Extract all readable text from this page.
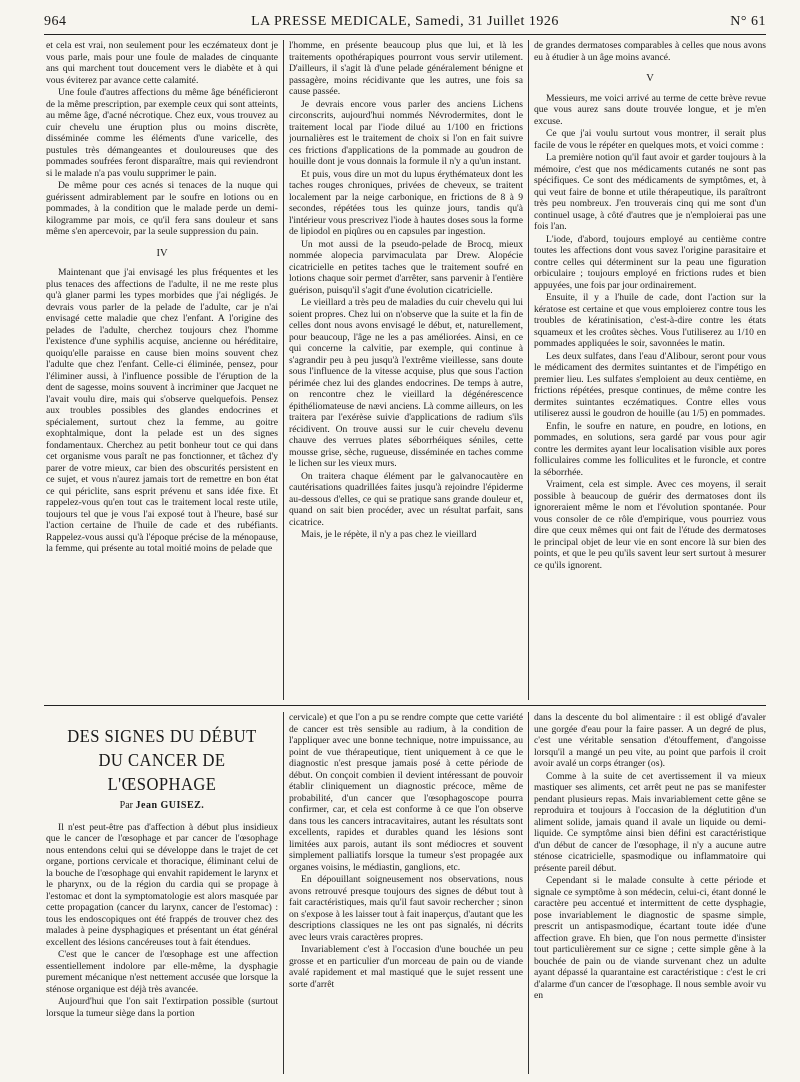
964	LA PRESSE MEDICALE, Samedi, 31 Juillet 1926	N° 61

et cela est vrai, non seulement pour les eczémateux dont je vous parle, mais pour une foule de malades de cinquante ans qui marchent tout doucement vers le diabète et à qui vous éviterez par avance cette calamité.

Une foule d'autres affections du même âge bénéficieront de la même prescription, par exemple ceux qui sont atteints, au même âge, d'acné nécrotique. Chez eux, vous trouvez au cuir chevelu une éruption plus ou moins discrète, disséminée comme les éléments d'une varicelle, des pustules très démangeantes et douloureuses que des pommades soufrées feront disparaître, mais qui reviendront si le malade n'a pas voulu supprimer le pain.

De même pour ces acnés si tenaces de la nuque qui guérissent admirablement par le soufre en lotions ou en pommades, à la condition que le malade perde un demi-kilogramme par mois, ce qu'il fera sans douleur et sans même s'en apercevoir, par la seule suppression du pain.

IV

Maintenant que j'ai envisagé les plus fréquentes et les plus tenaces des affections de l'adulte, il ne me reste plus qu'à glaner parmi les types morbides que j'ai négligés. Je devrais vous parler de la pelade de l'adulte, car je n'ai envisagé cette maladie que chez l'enfant. A l'origine des pelades de l'adulte, cherchez toujours chez l'homme l'existence d'une syphilis acquise, ancienne ou héréditaire, quoiqu'elle paraisse en cause bien moins souvent chez l'adulte que chez l'enfant. Celle-ci éliminée, pensez, pour l'éliminer aussi, à l'influence possible de l'éruption de la dent de sagesse, moins souvent à incriminer que Jacquet ne l'avait voulu dire, mais qui s'observe quelquefois. Pensez aux troubles possibles des glandes endocrines et spécialement, surtout chez la femme, au goitre exophtalmique, dont la pelade est un des signes fondamentaux. Cherchez au petit bonheur tout ce qui dans cet organisme vous paraît ne pas fonctionner, et tâchez d'y parer de votre mieux, car bien des obscurités persistent en ce sujet, et vous n'aurez jamais tort de remettre en bon état ce qui périclite, sans esprit prévenu et sans idée fixe. Et rappelez-vous qu'en tout cas le traitement local reste utile, toujours tel que je vous l'ai exposé tout à l'heure, basé sur l'action certaine de l'huile de cade et des rubéfiants. Rappelez-vous aussi qu'à l'époque précise de la ménopause, la femme, qui présente au total moitié moins de pelade que

l'homme, en présente beaucoup plus que lui, et là les traitements opothérapiques pourront vous servir utilement. D'ailleurs, il s'agit là d'une pelade généralement bénigne et passagère, moins récidivante que les autres, une fois sa cause passée.

Je devrais encore vous parler des anciens Lichens circonscrits, aujourd'hui nommés Névrodermites, dont le traitement local par l'iode dilué au 1/100 en frictions journalières est le traitement de choix si l'on en fait suivre ces frictions d'applications de la pommade au goudron de houille dont je vous donnais la formule il n'y a qu'un instant.

Et puis, vous dire un mot du lupus érythémateux dont les taches rouges chroniques, privées de cheveux, se traitent localement par la neige carbonique, en frictions de 8 à 9 secondes, répétées tous les quinze jours, tandis qu'à l'intérieur vous prescrivez l'iode à hautes doses sous la forme de lipiodol en piqûres ou en capsules par ingestion.

Un mot aussi de la pseudo-pelade de Brocq, mieux nommée alopecia parvimaculata par Drew. Alopécie cicatricielle en petites taches que le traitement soufré en lotions chaque soir permet d'arrêter, sans parvenir à l'entière guérison, puisqu'il s'agit d'une évolution cicatricielle.

Le vieillard a très peu de maladies du cuir chevelu qui lui soient propres. Chez lui on n'observe que la suite et la fin de celles dont nous avons envisagé le début, et, naturellement, pour beaucoup, l'âge ne les a pas améliorées. Ainsi, en ce qui concerne la calvitie, par exemple, qui continue à s'agrandir peu à peu jusqu'à l'extrême vieillesse, sans doute sous l'influence de la vitesse acquise, plus que sous l'action périmée chez lui des glandes endocrines. De temps à autre, on rencontre chez le vieillard la dégénérescence épithéliomateuse de nævi anciens. Là comme ailleurs, on les traitera par l'exérèse suivie d'applications de radium s'ils récidivent. On trouve aussi sur le cuir chevelu devenu chauve des verrues plates séborrhéiques séniles, cette mousse grise, sèche, rugueuse, disséminée en taches comme le lichen sur les vieux murs.

On traitera chaque élément par le galvanocautère en cautérisations quadrillées faites jusqu'à rejoindre l'épiderme au-dessous d'elles, ce qui se pratique sans grande douleur et, quand on sait bien procéder, avec un résultat parfait, sans cicatrice.

Mais, je le répète, il n'y a pas chez le vieillard

de grandes dermatoses comparables à celles que nous avons eu à étudier à un âge moins avancé.

V

Messieurs, me voici arrivé au terme de cette brève revue que vous aurez sans doute trouvée longue, et je m'en excuse.

Ce que j'ai voulu surtout vous montrer, il serait plus facile de vous le répéter en quelques mots, et voici comme :

La première notion qu'il faut avoir et garder toujours à la mémoire, c'est que nos médicaments cutanés ne sont pas spécifiques. Ce sont des médicaments de symptômes, et, à qui veut faire de bonne et utile thérapeutique, ils paraîtront très peu nombreux. J'en trouverais cinq qui me sont d'un continuel usage, à côté d'autres que je n'emploierai pas une fois l'an.

L'iode, d'abord, toujours employé au centième contre toutes les affections dont vous savez l'origine parasitaire et contre celles qui déterminent sur la peau une figuration orbiculaire ; toujours employé en frictions rudes et bien appuyées, une fois par jour ordinairement.

Ensuite, il y a l'huile de cade, dont l'action sur la kératose est certaine et que vous emploierez contre tous les troubles de kératinisation, c'est-à-dire contre les états squameux et les croûtes sèches. Vous l'utiliserez au 1/10 en pommades appliquées le soir, savonnées le matin.

Les deux sulfates, dans l'eau d'Alibour, seront pour vous le médicament des dermites suintantes et de l'impétigo en premier lieu. Les sulfates s'emploient au deux centième, en frictions répétées, presque continues, de même contre les dermites suintantes eczématiques. Contre elles vous utiliserez aussi le goudron de houille (au 1/5) en pommades.

Enfin, le soufre en nature, en poudre, en lotions, en pommades, en solutions, sera gardé par vous pour agir contre les dermites ayant leur localisation visible aux pores folliculaires comme les folliculites et le furoncle, et contre la séborrhée.

Vraiment, cela est simple. Avec ces moyens, il serait possible à beaucoup de guérir des dermatoses dont ils ignoreraient même le nom et l'évolution spontanée. Pour vous consoler de ce rôle d'empirique, vous pourriez vous dire que ceux mêmes qui ont fait de l'étude des dermatoses le principal objet de leur vie en sont encore là sur bien des points, et que le peu qu'ils savent leur sert surtout à mesurer ce qu'ils ignorent.

DES SIGNES DU DÉBUT
DU CANCER DE L'ŒSOPHAGE
Par Jean GUISEZ.

Il n'est peut-être pas d'affection à début plus insidieux que le cancer de l'œsophage et par cancer de l'œsophage nous entendons celui qui se développe dans le trajet de cet organe, portions cervicale et thoracique, éliminant celui de la bouche de l'œsophage qui envahit rapidement le larynx et le pharynx, ou de la région du cardia qui se propage à l'estomac et dont la symptomatologie est alors masquée par cette propagation (cancer du larynx, cancer de l'estomac) : tous les endoscopiques ont été frappés de trouver chez des malades à peine dysphagiques et présentant un état général excellent des lésions cancéreuses tout à fait étendues.

C'est que le cancer de l'œsophage est une affection essentiellement indolore par elle-même, la dysphagie purement mécanique n'est nettement accusée que lorsque la sténose organique est déjà très avancée.

Aujourd'hui que l'on sait l'extirpation possible (surtout lorsque la tumeur siège dans la portion

cervicale) et que l'on a pu se rendre compte que cette variété de cancer est très sensible au radium, à la condition de l'appliquer avec une bonne technique, notre impuissance, au point de vue thérapeutique, tient uniquement à ce que le diagnostic n'est presque jamais posé à cette période de début. On conçoit combien il devient intéressant de pouvoir établir cliniquement un diagnostic précoce, même de probabilité, d'un cancer que l'œsophagoscope pourra confirmer, car, et cela est conforme à ce que l'on observe dans tous les cancers intracavitaires, autant les résultats sont excellents, rapides et durables quand les lésions sont limitées aux parois, autant ils sont médiocres et souvent simplement palliatifs lorsque la tumeur s'est propagée aux organes voisins, le médiastin, ganglions, etc.

En dépouillant soigneusement nos observations, nous avons retrouvé presque toujours des signes de début tout à fait caractéristiques, mais qu'il faut savoir rechercher ; sinon on s'expose à les laisser tout à fait inaperçus, d'autant que les descriptions classiques ne les ont pas signalés, ni décrits avec leurs vrais caractères propres.

Invariablement c'est à l'occasion d'une bouchée un peu grosse et en particulier d'un morceau de pain ou de viande avalé rapidement et mal mastiqué que le sujet ressent une sorte d'arrêt

dans la descente du bol alimentaire : il est obligé d'avaler une gorgée d'eau pour la faire passer. A un degré de plus, c'est une véritable sensation d'étouffement, d'angoisse lorsqu'il a mangé un peu vite, au point que parfois il croit avoir avalé un corps étranger (os).

Comme à la suite de cet avertissement il va mieux mastiquer ses aliments, cet arrêt peut ne pas se manifester pendant plusieurs repas. Mais invariablement cette gêne se reproduira et toujours à l'occasion de la déglutition d'un aliment solide, jamais quand il avale un liquide ou demi-liquide. Ce symptôme ainsi bien défini est caractéristique d'un début de cancer de l'œsophage, il n'y a aucune autre sténose cicatricielle, spasmodique ou inflammatoire qui présente pareil début.

Cependant si le malade consulte à cette période et signale ce symptôme à son médecin, celui-ci, étant donné le caractère peu accentué et intermittent de cette dysphagie, pose invariablement le diagnostic de spasme simple, prescrit un antispasmodique, écartant toute idée d'une affection grave. Eh bien, que l'on nous permette d'insister tout particulièrement sur ce signe ; cette simple gêne à la bouchée de pain ou de viande survenant chez un adulte ayant dépassé la quarantaine est caractéristique : c'est le cri d'alarme d'un cancer de l'œsophage. Il nous semble avoir vu en
